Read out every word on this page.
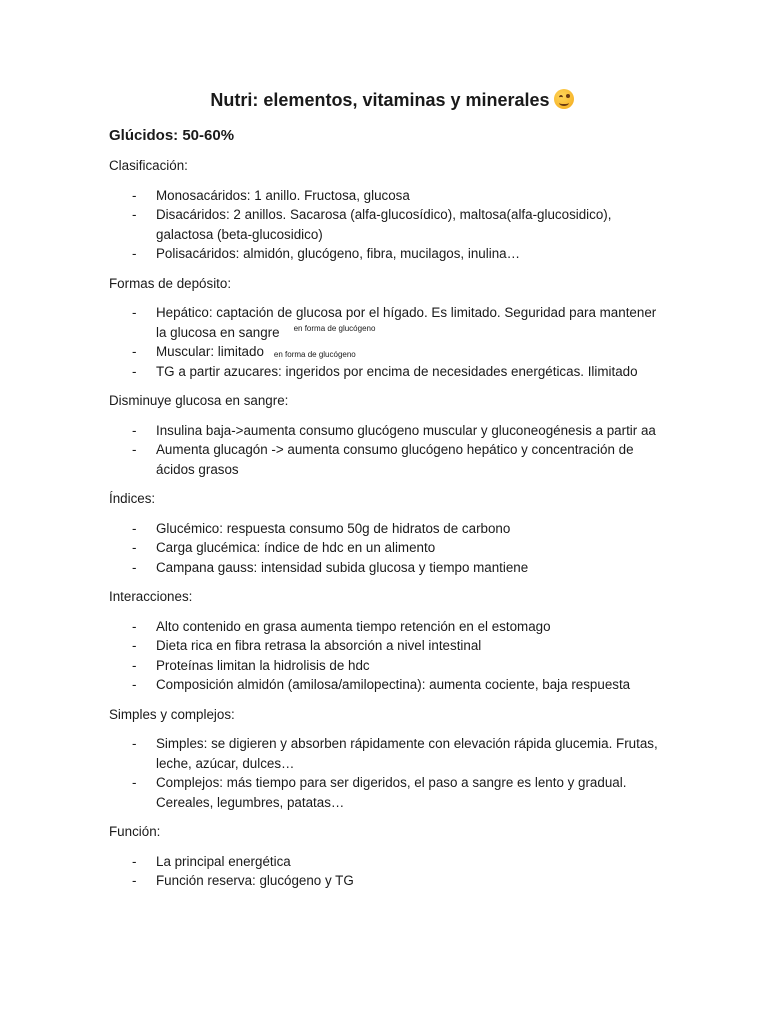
Nutri: elementos, vitaminas y minerales
Glúcidos: 50-60%
Clasificación:
- Monosacáridos: 1 anillo. Fructosa, glucosa
- Disacáridos: 2 anillos. Sacarosa (alfa-glucosídico), maltosa(alfa-glucosidico), galactosa (beta-glucosidico)
- Polisacáridos: almidón, glucógeno, fibra, mucilagos, inulina…
Formas de depósito:
- Hepático: captación de glucosa por el hígado. Es limitado. Seguridad para mantener la glucosa en sangre $^{en forma de glucógeno}$
- Muscular: limitado en forma de glucógeno
- TG a partir azucares: ingeridos por encima de necesidades energéticas. Ilimitado
Disminuye glucosa en sangre:
- Insulina baja->aumenta consumo glucógeno muscular y gluconeogénesis a partir aa
- Aumenta glucagón -> aumenta consumo glucógeno hepático y concentración de ácidos grasos
Índices:
- Glucémico: respuesta consumo 50g de hidratos de carbono
- Carga glucémica: índice de hdc en un alimento
- Campana gauss: intensidad subida glucosa y tiempo mantiene
Interacciones:
- Alto contenido en grasa aumenta tiempo retención en el estomago
- Dieta rica en fibra retrasa la absorción a nivel intestinal
- Proteínas limitan la hidrolisis de hdc
- Composición almidón (amilosa/amilopectina): aumenta cociente, baja respuesta
Simples y complejos:
- Simples: se digieren y absorben rápidamente con elevación rápida glucemia. Frutas, leche, azúcar, dulces…
- Complejos: más tiempo para ser digeridos, el paso a sangre es lento y gradual. Cereales, legumbres, patatas…
Función:
- La principal energética
- Función reserva: glucógeno y TG
